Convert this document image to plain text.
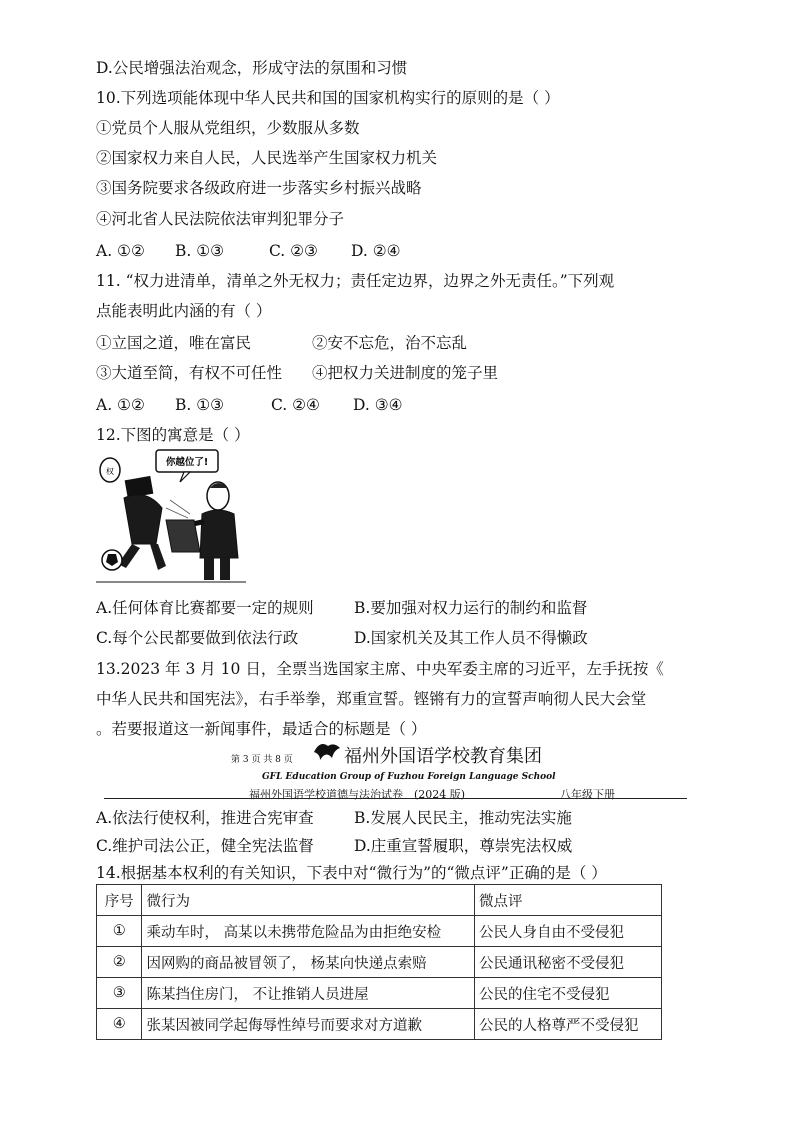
D.公民增强法治观念，形成守法的氛围和习惯
10.下列选项能体现中华人民共和国的国家机构实行的原则的是（ ）
①党员个人服从党组织，少数服从多数
②国家权力来自人民，人民选举产生国家权力机关
③国务院要求各级政府进一步落实乡村振兴战略
④河北省人民法院依法审判犯罪分子
A. ①② B. ①③	C. ②③ D. ②④
11. “权力进清单，清单之外无权力；责任定边界，边界之外无责任。”下列观
点能表明此内涵的有（ ）
①立国之道，唯在富民	②安不忘危，治不忘乱
③大道至简，有权不可任性 ④把权力关进制度的笼子里
A. ①② B. ①③	C. ②④ D. ③④
12.下图的寓意是（ ）
你越位了!
权
A.任何体育比赛都要一定的规则	B.要加强对权力运行的制约和监督
C.每个公民都要做到依法行政	D.国家机关及其工作人员不得懒政
13.2023 年 3 月 10 日，全票当选国家主席、中央军委主席的习近平，左手抚按《
中华人民共和国宪法》，右手举拳，郑重宣誓。铿锵有力的宣誓声响彻人民大会堂
。若要报道这一新闻事件，最适合的标题是（ ）
第 3 页 共 8 页	福州外国语学校教育集团
GFL Education Group of Fuzhou Foreign Language School
福州外国语学校道德与法治试卷 (2024 版)	八年级下册
A.依法行使权利，推进合宪审查	B.发展人民民主，推动宪法实施
C.维护司法公正，健全宪法监督	D.庄重宣誓履职，尊崇宪法权威
14.根据基本权利的有关知识，下表中对“微行为”的“微点评”正确的是（ ）
序号	微行为	微点评
①	乘动车时， 高某以未携带危险品为由拒绝安检	公民人身自由不受侵犯
②	因网购的商品被冒领了， 杨某向快递点索赔	公民通讯秘密不受侵犯
③	陈某挡住房门， 不让推销人员进屋	公民的住宅不受侵犯
④	张某因被同学起侮辱性绰号而要求对方道歉	公民的人格尊严不受侵犯
